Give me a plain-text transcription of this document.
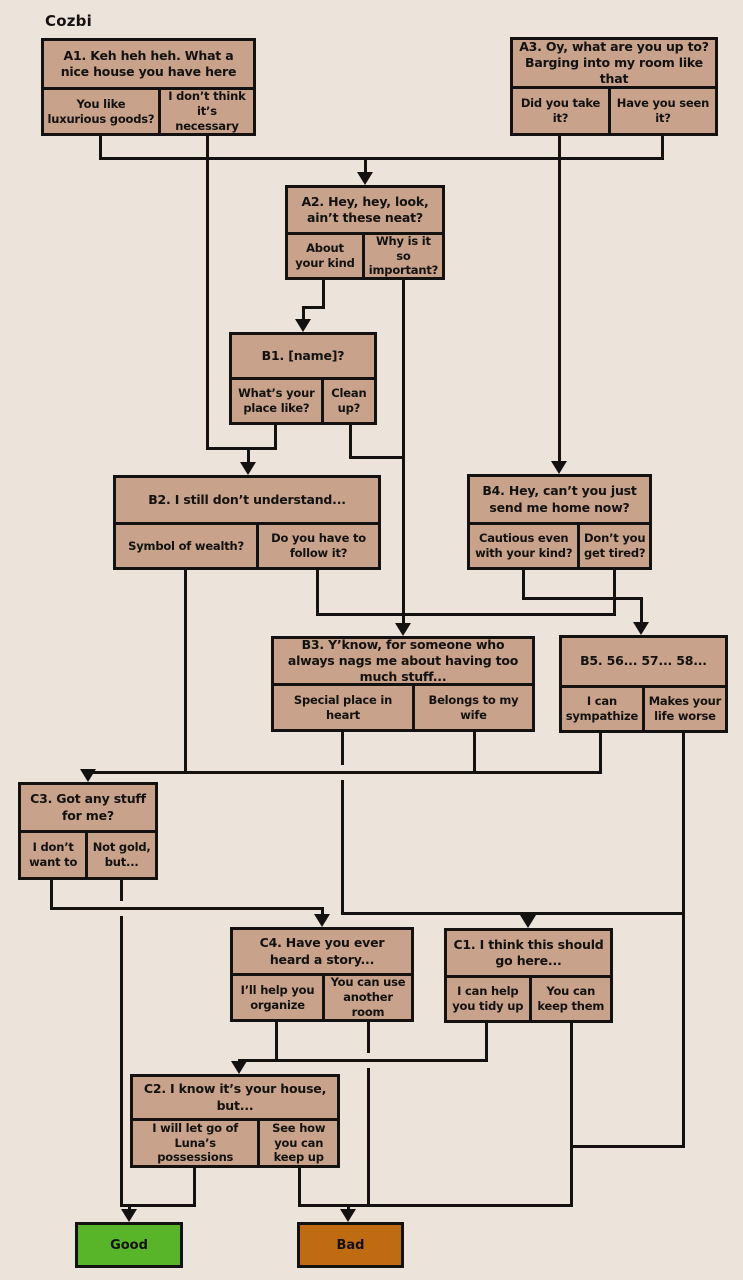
Cozbi
A1. Keh heh heh. What a nice house you have here
You like luxurious goods?
I don’t think it’s necessary
A3. Oy, what are you up to? Barging into my room like that
Did you take it?
Have you seen it?
A2. Hey, hey, look, ain’t these neat?
About your kind
Why is it so important?
B1. [name]?
What’s your place like?
Clean up?
B2. I still don’t understand...
Symbol of wealth?
Do you have to follow it?
B4. Hey, can’t you just send me home now?
Cautious even with your kind?
Don’t you get tired?
B3. Y’know, for someone who always nags me about having too much stuff...
Special place in heart
Belongs to my wife
B5. 56... 57... 58...
I can sympathize
Makes your life worse
C3. Got any stuff for me?
I don’t want to
Not gold, but...
C4. Have you ever heard a story...
I’ll help you organize
You can use another room
C1. I think this should go here...
I can help you tidy up
You can keep them
C2. I know it’s your house, but...
I will let go of Luna’s possessions
See how you can keep up
Good	Bad
